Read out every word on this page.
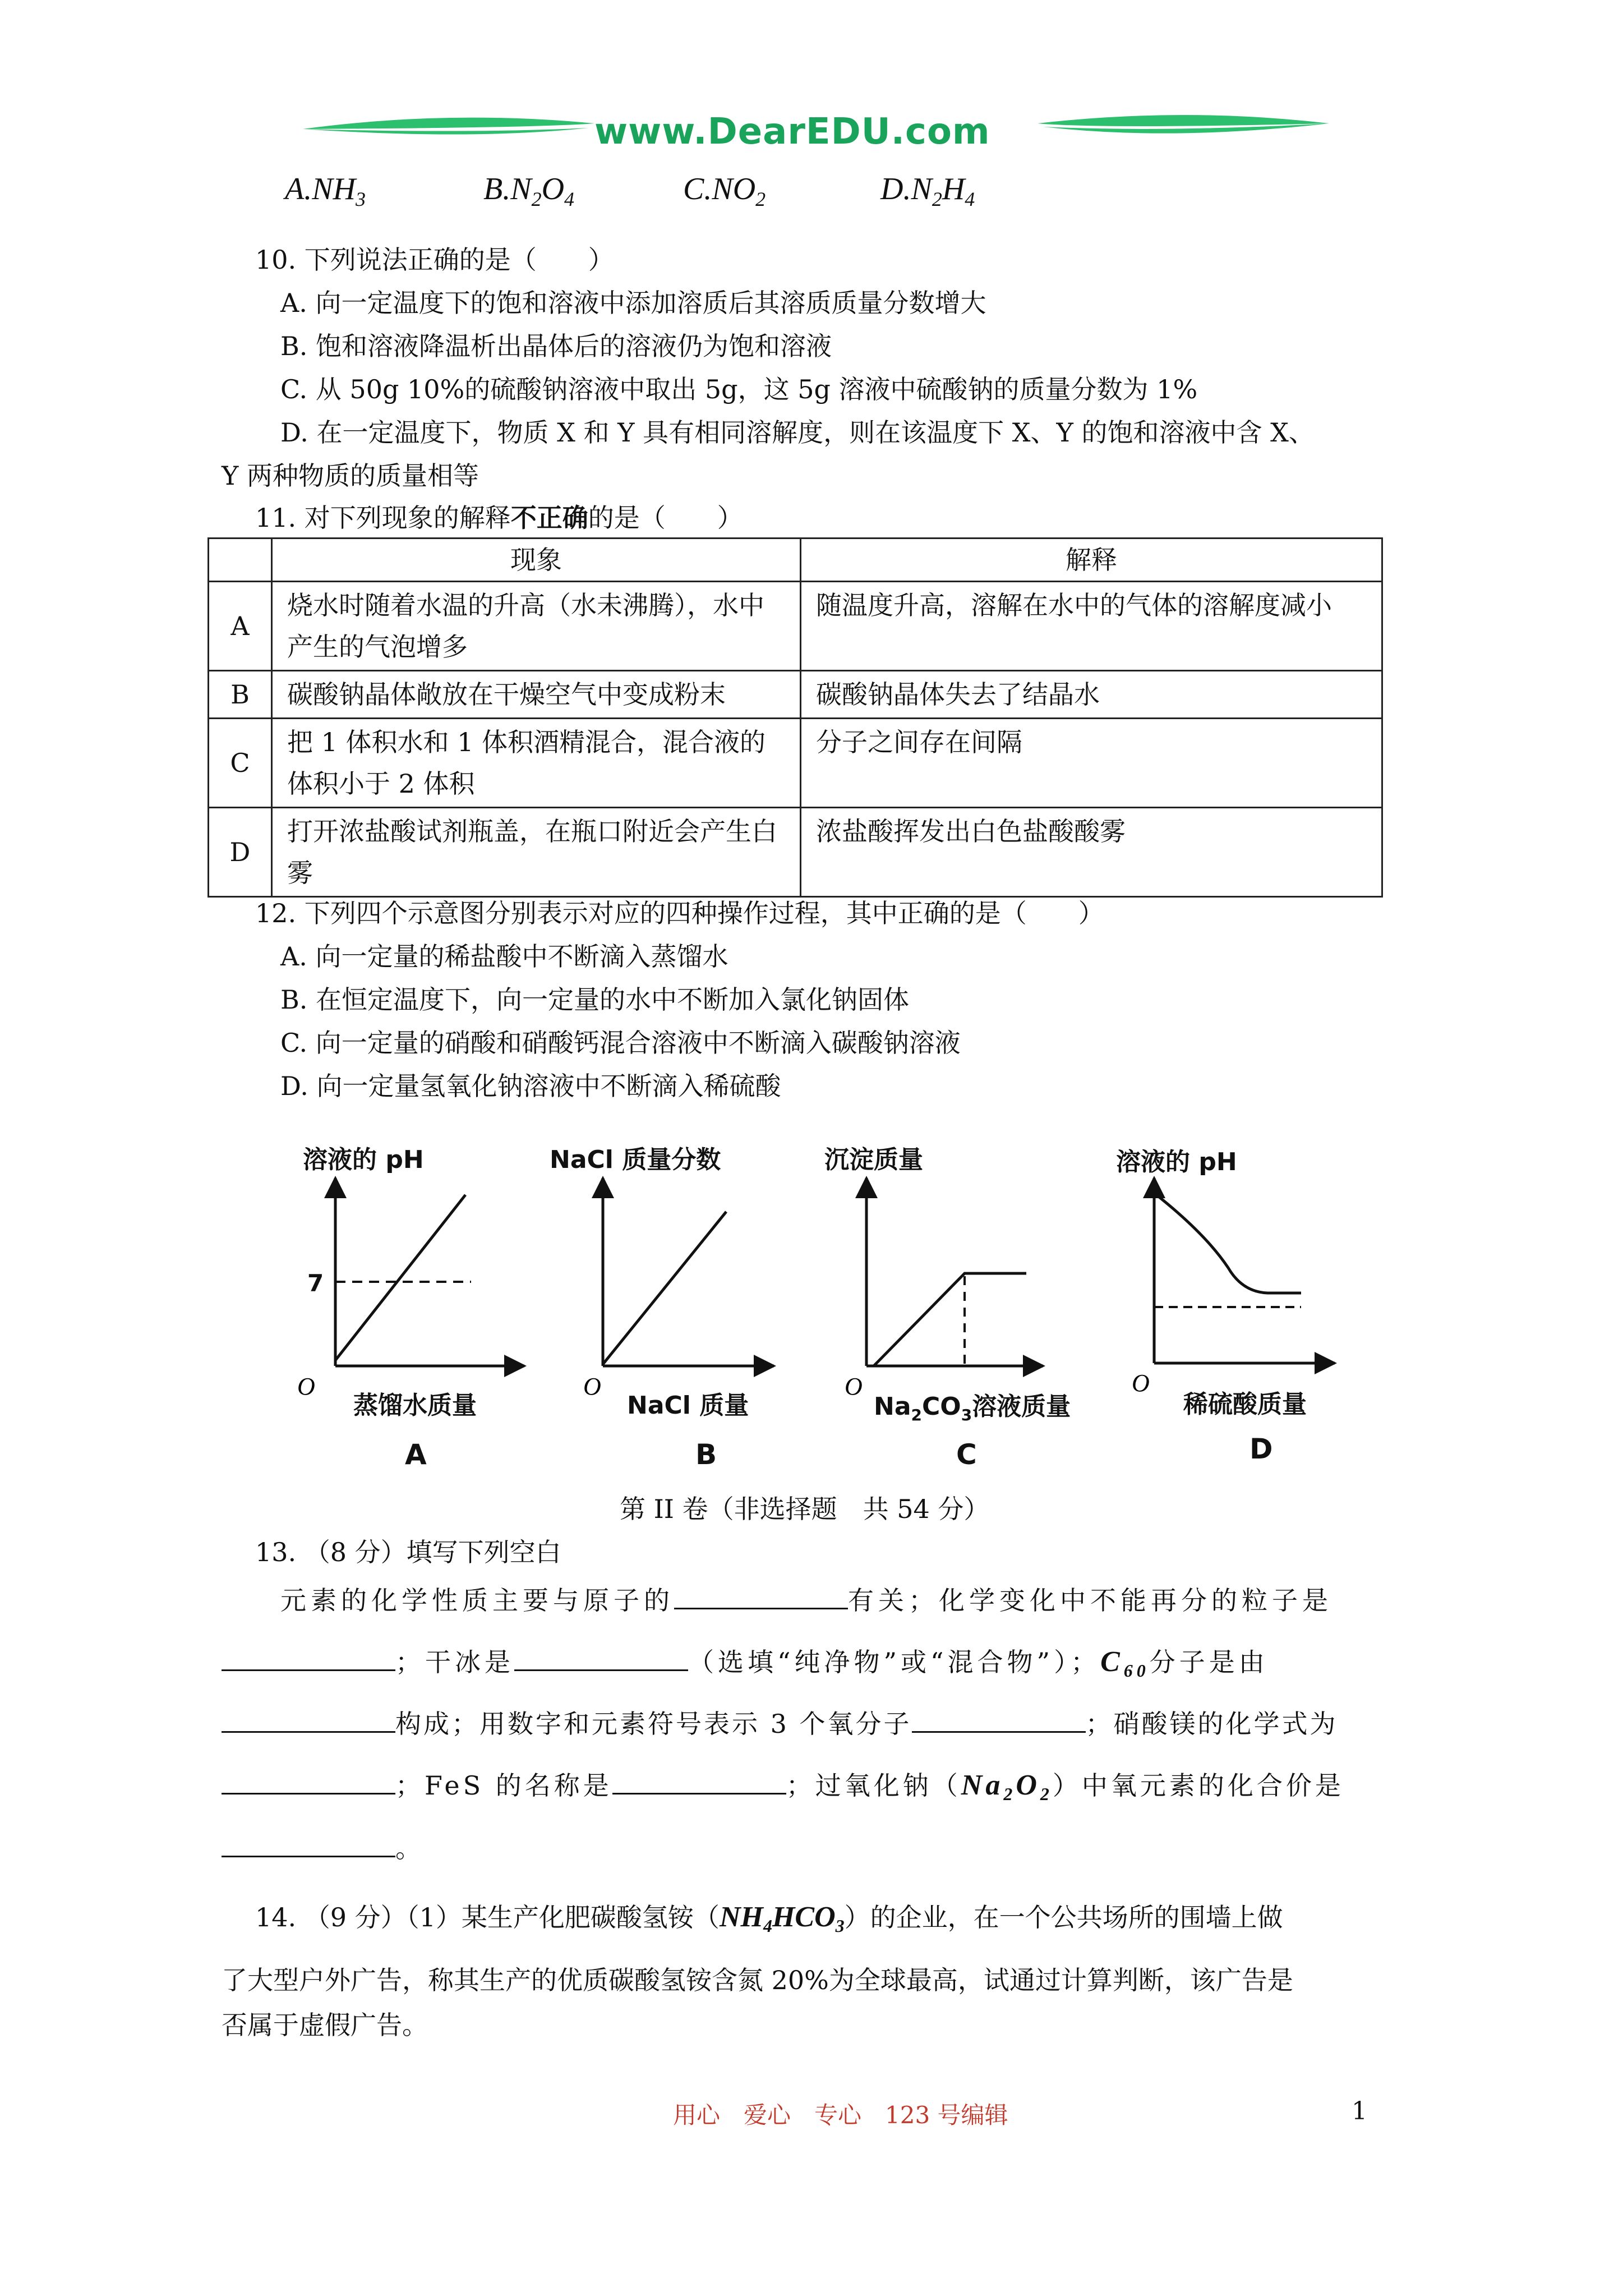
www.DearEDU.com
$A.NH_3$	$B.N_2O_4$	$C.NO_2$	$D.N_2H_4$
10. 下列说法正确的是（　　）
A. 向一定温度下的饱和溶液中添加溶质后其溶质质量分数增大
B. 饱和溶液降温析出晶体后的溶液仍为饱和溶液
C. 从 50g 10%的硫酸钠溶液中取出 5g，这 5g 溶液中硫酸钠的质量分数为 1%
D. 在一定温度下，物质 X 和 Y 具有相同溶解度，则在该温度下 X、Y 的饱和溶液中含 X、
Y 两种物质的质量相等
11. 对下列现象的解释不正确的是（　　）
	现象	解释
A	烧水时随着水温的升高（水未沸腾），水中产生的气泡增多	随温度升高，溶解在水中的气体的溶解度减小
B	碳酸钠晶体敞放在干燥空气中变成粉末	碳酸钠晶体失去了结晶水
C	把 1 体积水和 1 体积酒精混合，混合液的体积小于 2 体积	分子之间存在间隔
D	打开浓盐酸试剂瓶盖，在瓶口附近会产生白雾	浓盐酸挥发出白色盐酸酸雾
12. 下列四个示意图分别表示对应的四种操作过程，其中正确的是（　　）
A. 向一定量的稀盐酸中不断滴入蒸馏水
B. 在恒定温度下，向一定量的水中不断加入氯化钠固体
C. 向一定量的硝酸和硝酸钙混合溶液中不断滴入碳酸钠溶液
D. 向一定量氢氧化钠溶液中不断滴入稀硫酸
溶液的 pH
7
O
蒸馏水质量
A
NaCl 质量分数
O
NaCl 质量
B
沉淀质量
O
$Na_2CO_3$溶液质量
C
溶液的 pH
O
稀硫酸质量
D
第 II 卷（非选择题　共 54 分）
13. （8 分）填写下列空白
元素的化学性质主要与原子的	有关；化学变化中不能再分的粒子是
；干冰是	（选填“纯净物”或“混合物”）；$C_{60}$分子是由
构成；用数字和元素符号表示 3 个氧分子	；硝酸镁的化学式为
；FeS 的名称是	；过氧化钠$(Na_2O_2)$中氧元素的化合价是
。
14. （9 分）（1）某生产化肥碳酸氢铵$(NH_4HCO_3)$的企业，在一个公共场所的围墙上做
了大型户外广告，称其生产的优质碳酸氢铵含氮 20%为全球最高，试通过计算判断，该广告是
否属于虚假广告。
用心　爱心　专心　123 号编辑	1
